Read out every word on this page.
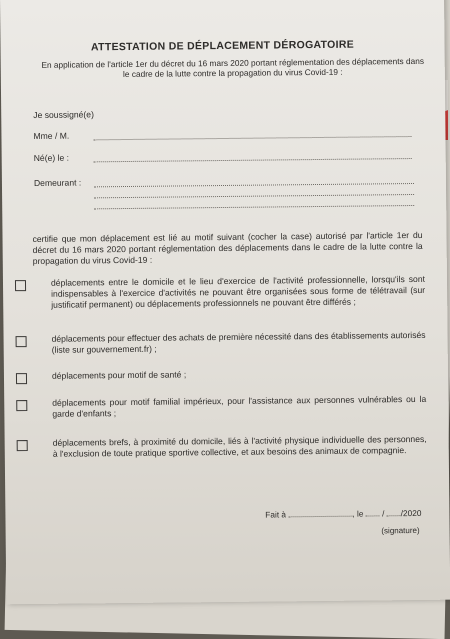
ATTESTATION DE DÉPLACEMENT DÉROGATOIRE
En application de l'article 1er du décret du 16 mars 2020 portant réglementation des déplacements dans le cadre de la lutte contre la propagation du virus Covid-19 :
Je soussigné(e)
Mme / M.
Né(e) le :
Demeurant :
certifie que mon déplacement est lié au motif suivant (cocher la case) autorisé par l'article 1er du décret du 16 mars 2020 portant réglementation des déplacements dans le cadre de la lutte contre la propagation du virus Covid-19 :
déplacements entre le domicile et le lieu d'exercice de l'activité professionnelle, lorsqu'ils sont indispensables à l'exercice d'activités ne pouvant être organisées sous forme de télétravail (sur justificatif permanent) ou déplacements professionnels ne pouvant être différés ;
déplacements pour effectuer des achats de première nécessité dans des établissements autorisés (liste sur gouvernement.fr) ;
déplacements pour motif de santé ;
déplacements pour motif familial impérieux, pour l'assistance aux personnes vulnérables ou la garde d'enfants ;
déplacements brefs, à proximité du domicile, liés à l'activité physique individuelle des personnes, à l'exclusion de toute pratique sportive collective, et aux besoins des animaux de compagnie.
Fait à	, le / /2020
(signature)
